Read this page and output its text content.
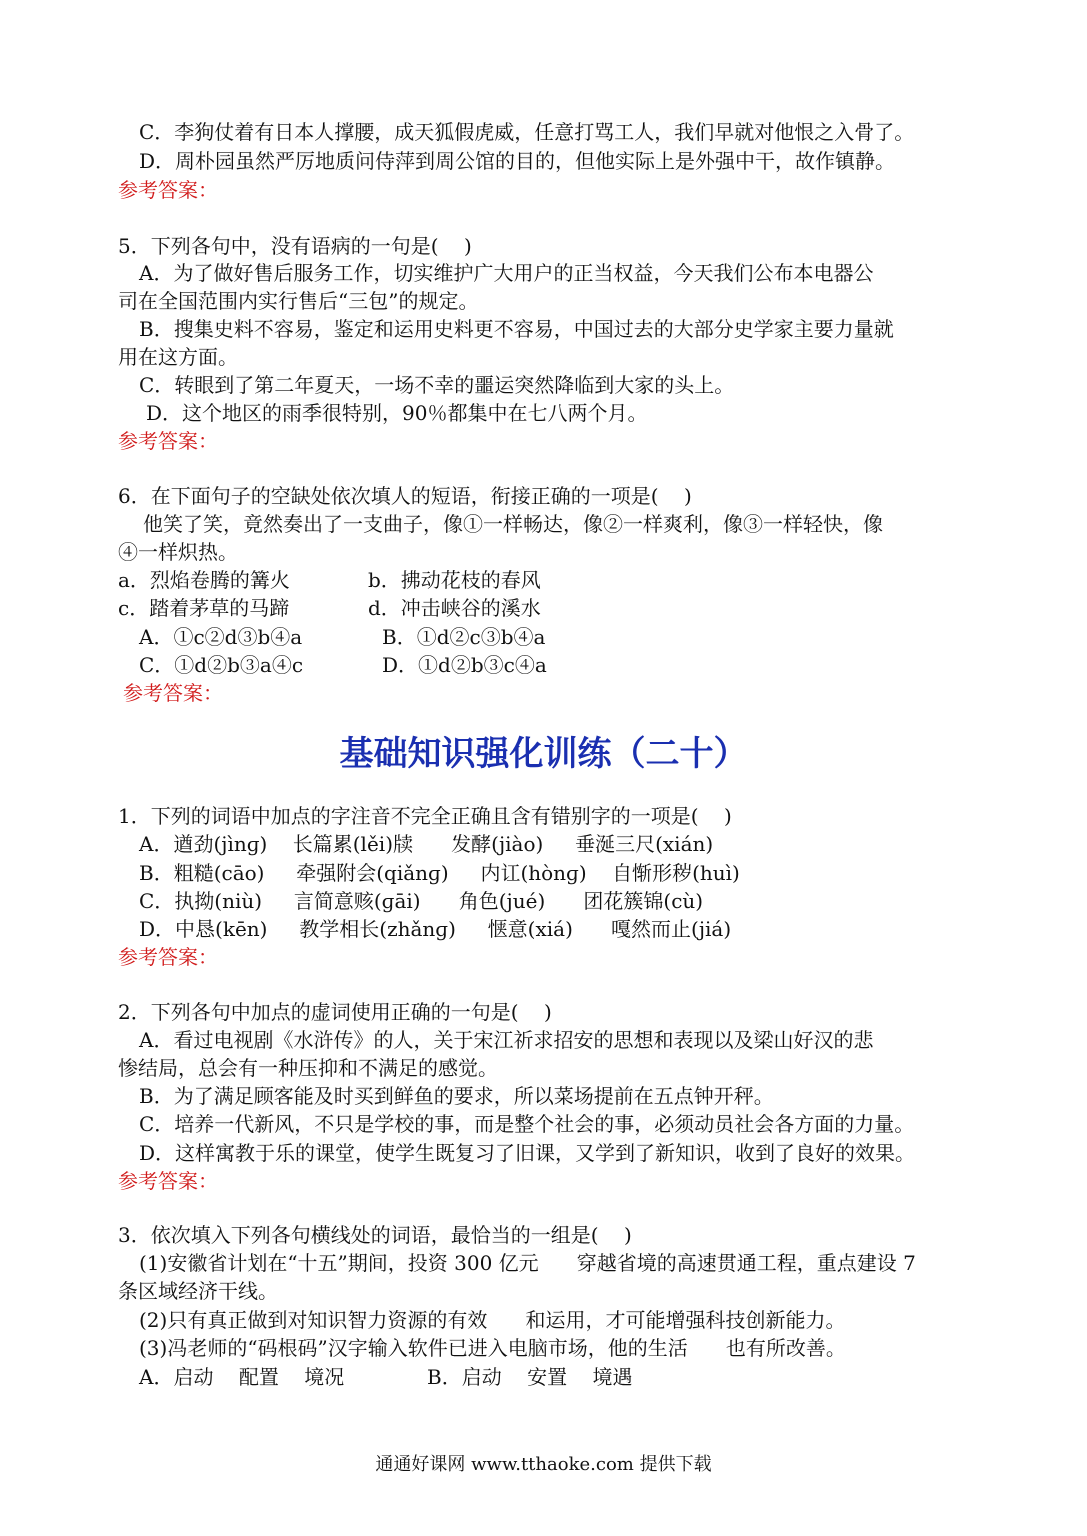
C．李狗仗着有日本人撑腰，成天狐假虎威，任意打骂工人，我们早就对他恨之入骨了。
D．周朴园虽然严厉地质问侍萍到周公馆的目的，但他实际上是外强中干，故作镇静。
参考答案：
5．下列各句中，没有语病的一句是(    )
A．为了做好售后服务工作，切实维护广大用户的正当权益，今天我们公布本电器公
司在全国范围内实行售后“三包”的规定。
B．搜集史料不容易，鉴定和运用史料更不容易，中国过去的大部分史学家主要力量就
用在这方面。
C．转眼到了第二年夏天，一场不幸的噩运突然降临到大家的头上。
D．这个地区的雨季很特别，90％都集中在七八两个月。
参考答案：
6．在下面句子的空缺处依次填人的短语，衔接正确的一项是(    )
他笑了笑，竟然奏出了一支曲子，像①一样畅达，像②一样爽利，像③一样轻快，像
④一样炽热。
a．烈焰卷腾的篝火	b．拂动花枝的春风
c．踏着茅草的马蹄	d．冲击峡谷的溪水
A．①c②d③b④a	B．①d②c③b④a
C．①d②b③a④c	D．①d②b③c④a
参考答案：
基础知识强化训练（二十）
1．下列的词语中加点的字注音不完全正确且含有错别字的一项是(    )
A．遒劲(jìnɡ)    长篇累(lěi)牍      发酵(jiào)     垂涎三尺(xián)
B．粗糙(cāo)     牵强附会(qiǎnɡ)     内讧(hònɡ)    自惭形秽(huì)
C．执拗(niù)     言简意赅(ɡāi)      角色(jué)      团花簇锦(cù)
D．中恳(kēn)     教学相长(zhǎnɡ)     惬意(xiá)      嘎然而止(jiá)
参考答案：
2．下列各句中加点的虚词使用正确的一句是(    )
A．看过电视剧《水浒传》的人，关于宋江祈求招安的思想和表现以及梁山好汉的悲
惨结局，总会有一种压抑和不满足的感觉。
B．为了满足顾客能及时买到鲜鱼的要求，所以菜场提前在五点钟开秤。
C．培养一代新风，不只是学校的事，而是整个社会的事，必须动员社会各方面的力量。
D．这样寓教于乐的课堂，使学生既复习了旧课，又学到了新知识，收到了良好的效果。
参考答案：
3．依次填入下列各句横线处的词语，最恰当的一组是(    )
(1)安徽省计划在“十五”期间，投资 300 亿元      穿越省境的高速贯通工程，重点建设 7
条区域经济干线。
(2)只有真正做到对知识智力资源的有效      和运用，才可能增强科技创新能力。
(3)冯老师的“码根码”汉字输入软件已进入电脑市场，他的生活      也有所改善。
A．启动    配置    境况	B．启动    安置    境遇
通通好课网 www.tthaoke.com 提供下载
